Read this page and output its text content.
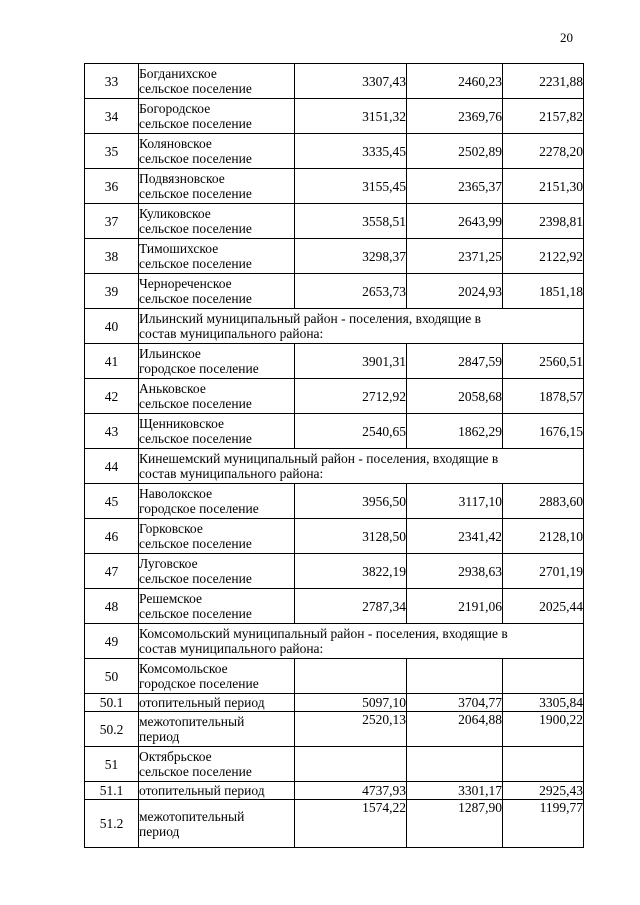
20
33	Богданихское
сельское поселение	3307,43	2460,23	2231,88
34	Богородское
сельское поселение	3151,32	2369,76	2157,82
35	Коляновское
сельское поселение	3335,45	2502,89	2278,20
36	Подвязновское
сельское поселение	3155,45	2365,37	2151,30
37	Куликовское
сельское поселение	3558,51	2643,99	2398,81
38	Тимошихское
сельское поселение	3298,37	2371,25	2122,92
39	Чернореченское
сельское поселение	2653,73	2024,93	1851,18
40	Ильинский муниципальный район - поселения, входящие в
состав муниципального района:			

41	Ильинское
городское поселение	3901,31	2847,59	2560,51
42	Аньковское
сельское поселение	2712,92	2058,68	1878,57
43	Щенниковское
сельское поселение	2540,65	1862,29	1676,15
44	Кинешемский муниципальный район - поселения, входящие в
состав муниципального района:			

45	Наволокское
городское поселение	3956,50	3117,10	2883,60
46	Горковское
сельское поселение	3128,50	2341,42	2128,10
47	Луговское
сельское поселение	3822,19	2938,63	2701,19
48	Решемское
сельское поселение	2787,34	2191,06	2025,44
49	Комсомольский муниципальный район - поселения, входящие в
состав муниципального района:			

50	Комсомольское
городское поселение			

50.1	отопительный период	5097,10	3704,77	3305,84
50.2	межотопительный
период	2520,13	2064,88	1900,22
51	Октябрьское
сельское поселение			

51.1	отопительный период	4737,93	3301,17	2925,43
51.2	межотопительный
период	1574,22	1287,90	1199,77
